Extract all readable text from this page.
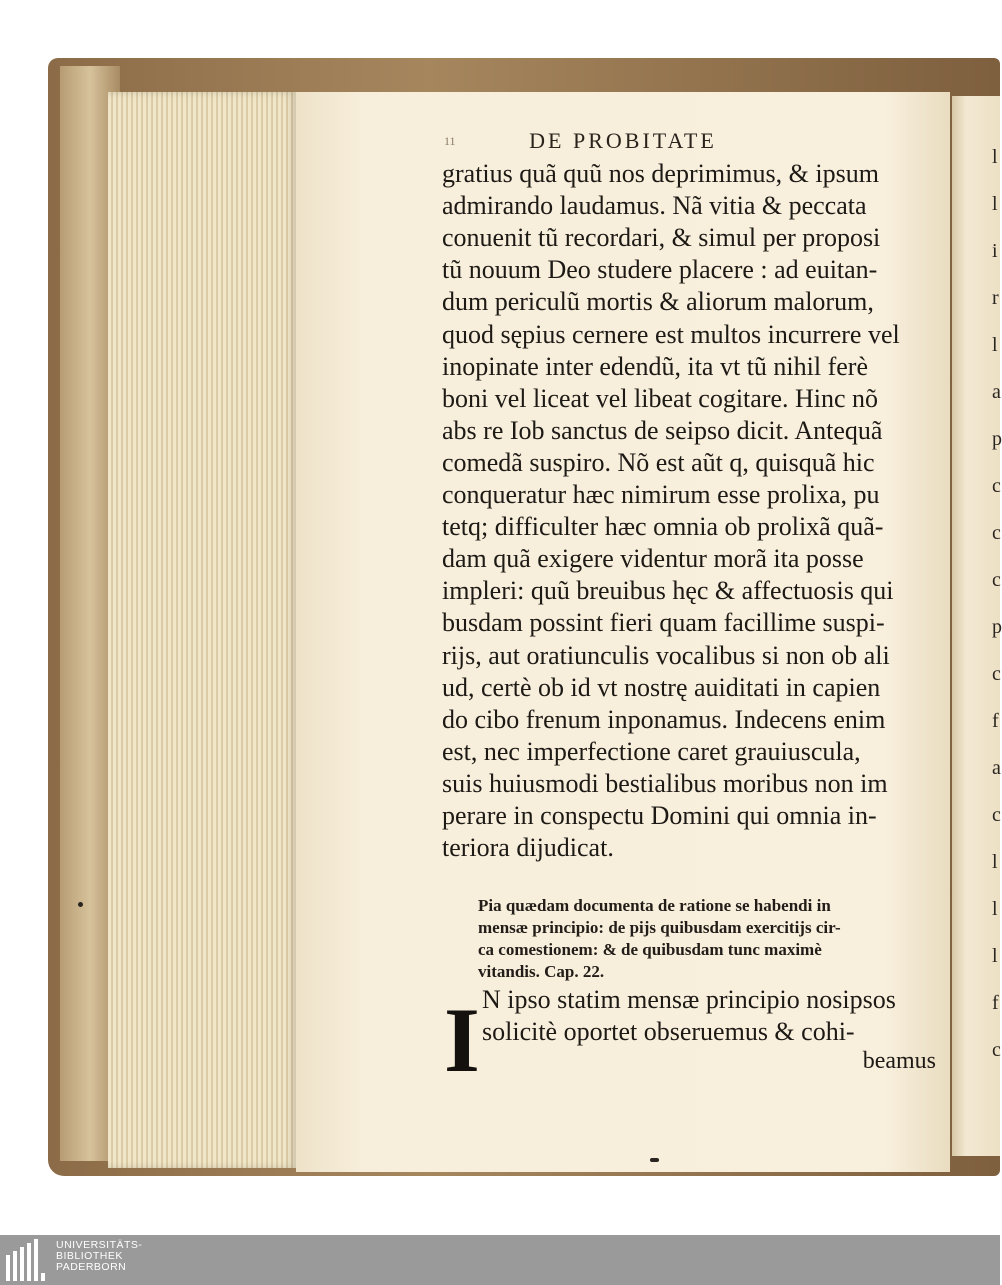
l
l
i
r
l
a
p
c
c
c
p
c
f
a
c
l
l
l
f
c
11	DE PROBITATE
gratius quã quũ nos deprimimus, & ipsum
admirando laudamus. Nã vitia & peccata
conuenit tũ recordari, & simul per proposi
tũ nouum Deo studere placere : ad euitan-
dum periculũ mortis & aliorum malorum,
quod sępius cernere est multos incurrere vel
inopinate inter edendũ, ita vt tũ nihil ferè
boni vel liceat vel libeat cogitare. Hinc nõ
abs re Iob sanctus de seipso dicit. Antequã
comedã suspiro. Nõ est aũt q, quisquã hic
conqueratur hæc nimirum esse prolixa, pu
tetq; difficulter hæc omnia ob prolixã quã-
dam quã exigere videntur morã ita posse
impleri: quũ breuibus hęc & affectuosis qui
busdam possint fieri quam facillime suspi-
rijs, aut oratiunculis vocalibus si non ob ali
ud, certè ob id vt nostrę auiditati in capien
do cibo frenum inponamus. Indecens enim
est, nec imperfectione caret grauiuscula,
suis huiusmodi bestialibus moribus non im
perare in conspectu Domini qui omnia in-
teriora dijudicat.
Pia quædam documenta de ratione se habendi in
mensæ principio: de pijs quibusdam exercitijs cir-
ca comestionem: & de quibusdam tunc maximè
vitandis. Cap. 22.
I N ipso statim mensæ principio nosipsos
solicitè oportet obseruemus & cohi-
beamus
UNIVERSITÄTS-
BIBLIOTHEK
PADERBORN
